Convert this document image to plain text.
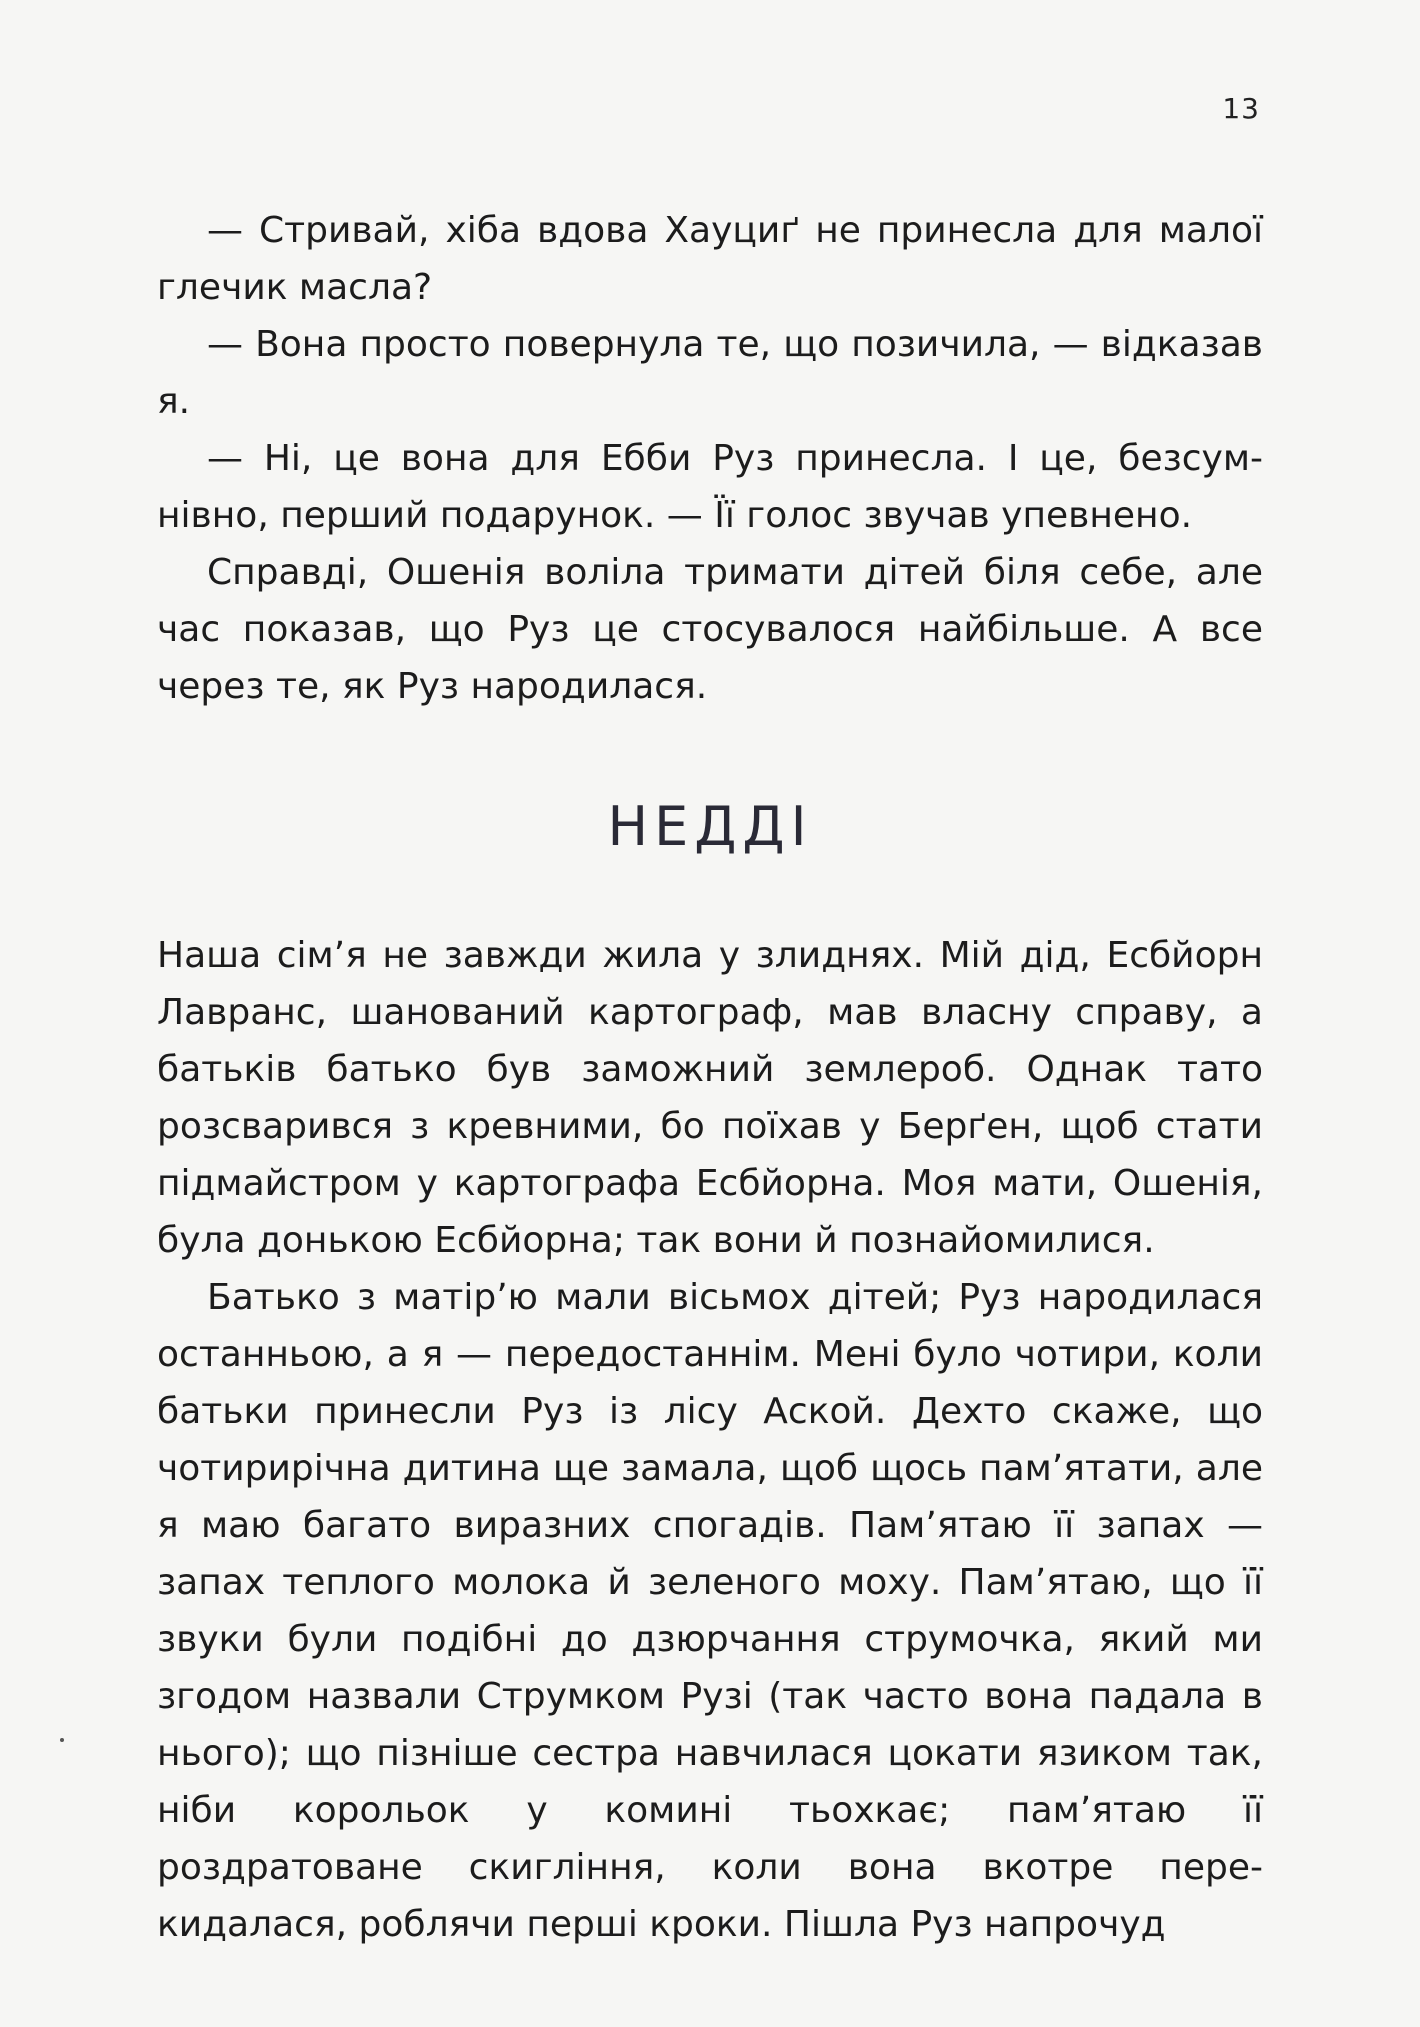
13

— Стривай, хіба вдова Хауциґ не принесла для малої глечик масла?

— Вона просто повернула те, що позичила, — відказав я.

— Ні, це вона для Ебби Руз принесла. І це, безсумнівно, перший подарунок. — Її голос звучав упевнено.

Справді, Ошенія воліла тримати дітей біля себе, але час показав, що Руз це стосувалося найбільше. А все через те, як Руз народилася.

НЕДДІ

Наша сім’я не завжди жила у злиднях. Мій дід, Есбйорн Лавранс, шанований картограф, мав власну справу, а батьків батько був заможний землероб. Однак тато розсварився з кревними, бо поїхав у Берґен, щоб стати підмайстром у картографа Есбйорна. Моя мати, Ошенія, була донькою Есбйорна; так вони й познайомилися.

Батько з матір’ю мали вісьмох дітей; Руз народилася останньою, а я — передостаннім. Мені було чотири, коли батьки принесли Руз із лісу Аской. Дехто скаже, що чотирирічна дитина ще замала, щоб щось пам’ятати, але я маю багато виразних спогадів. Пам’ятаю її запах — запах теплого молока й зеленого моху. Пам’ятаю, що її звуки були подібні до дзюрчання струмочка, який ми згодом назвали Струмком Рузі (так часто вона падала в нього); що пізніше сестра навчилася цокати язиком так, ніби корольок у комині тьохкає; пам’ятаю її роздратоване скиглiння, коли вона вкотре перекидалася, роблячи перші кроки. Пішла Руз напрочуд
